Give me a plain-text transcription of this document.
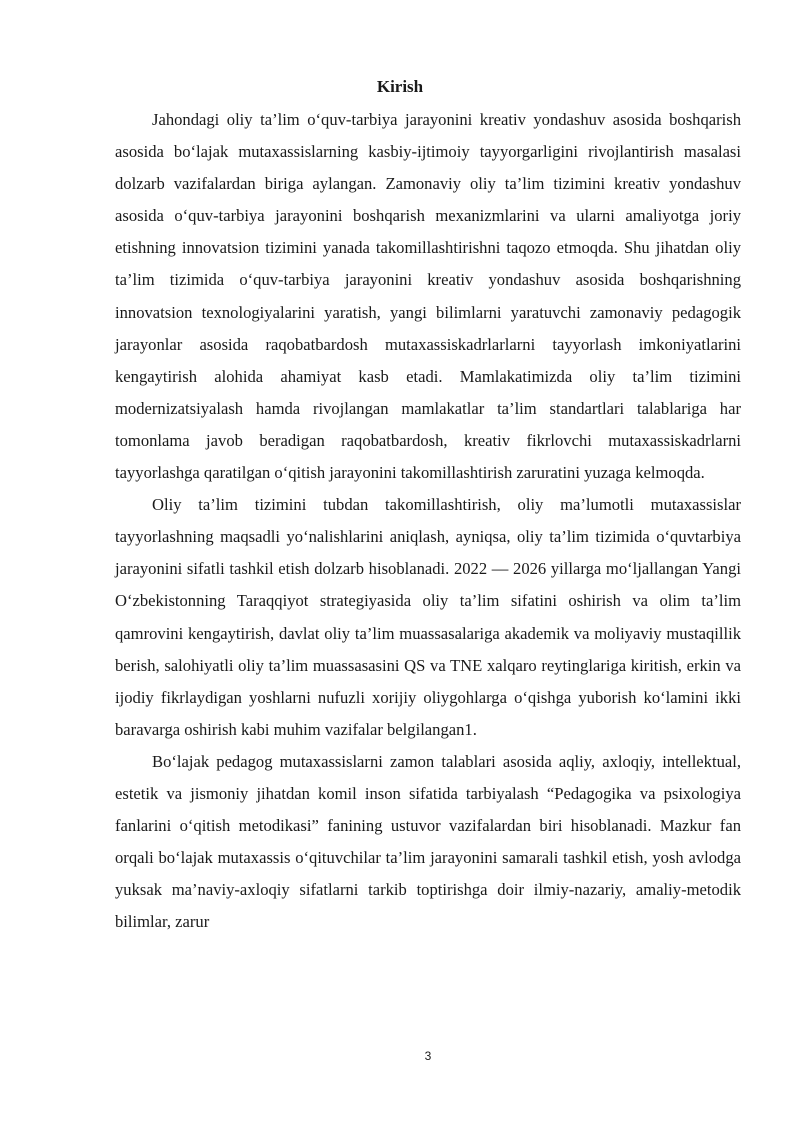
Kirish

Jahondagi oliy ta’lim o‘quv-tarbiya jarayonini kreativ yondashuv asosida boshqarish asosida bo‘lajak mutaxassislarning kasbiy-ijtimoiy tayyorgarligini rivojlantirish masalasi dolzarb vazifalardan biriga aylangan. Zamonaviy oliy ta’lim tizimini kreativ yondashuv asosida o‘quv-tarbiya jarayonini boshqarish mexanizmlarini va ularni amaliyotga joriy etishning innovatsion tizimini yanada takomillashtirishni taqozo etmoqda. Shu jihatdan oliy ta’lim tizimida o‘quv-tarbiya jarayonini kreativ yondashuv asosida boshqarishning innovatsion texnologiyalarini yaratish, yangi bilimlarni yaratuvchi zamonaviy pedagogik jarayonlar asosida raqobatbardosh mutaxassiskadrlarlarni tayyorlash imkoniyatlarini kengaytirish alohida ahamiyat kasb etadi. Mamlakatimizda oliy ta’lim tizimini modernizatsiyalash hamda rivojlangan mamlakatlar ta’lim standartlari talablariga har tomonlama javob beradigan raqobatbardosh, kreativ fikrlovchi mutaxassiskadrlarni tayyorlashga qaratilgan o‘qitish jarayonini takomillashtirish zaruratini yuzaga kelmoqda.

Oliy ta’lim tizimini tubdan takomillashtirish, oliy ma’lumotli mutaxassislar tayyorlashning maqsadli yo‘nalishlarini aniqlash, ayniqsa, oliy ta’lim tizimida o‘quvtarbiya jarayonini sifatli tashkil etish dolzarb hisoblanadi. 2022 — 2026 yillarga mo‘ljallangan Yangi O‘zbekistonning Taraqqiyot strategiyasida oliy ta’lim sifatini oshirish va olim ta’lim qamrovini kengaytirish, davlat oliy ta’lim muassasalariga akademik va moliyaviy mustaqillik berish, salohiyatli oliy ta’lim muassasasini QS va TNE xalqaro reytinglariga kiritish, erkin va ijodiy fikrlaydigan yoshlarni nufuzli xorijiy oliygohlarga o‘qishga yuborish ko‘lamini ikki baravarga oshirish kabi muhim vazifalar belgilangan1.

Bo‘lajak pedagog mutaxassislarni zamon talablari asosida aqliy, axloqiy, intellektual, estetik va jismoniy jihatdan komil inson sifatida tarbiyalash “Pedagogika va psixologiya fanlarini o‘qitish metodikasi” fanining ustuvor vazifalardan biri hisoblanadi. Mazkur fan orqali bo‘lajak mutaxassis o‘qituvchilar ta’lim jarayonini samarali tashkil etish, yosh avlodga yuksak ma’naviy-axloqiy sifatlarni tarkib toptirishga doir ilmiy-nazariy, amaliy-metodik bilimlar, zarur

3
